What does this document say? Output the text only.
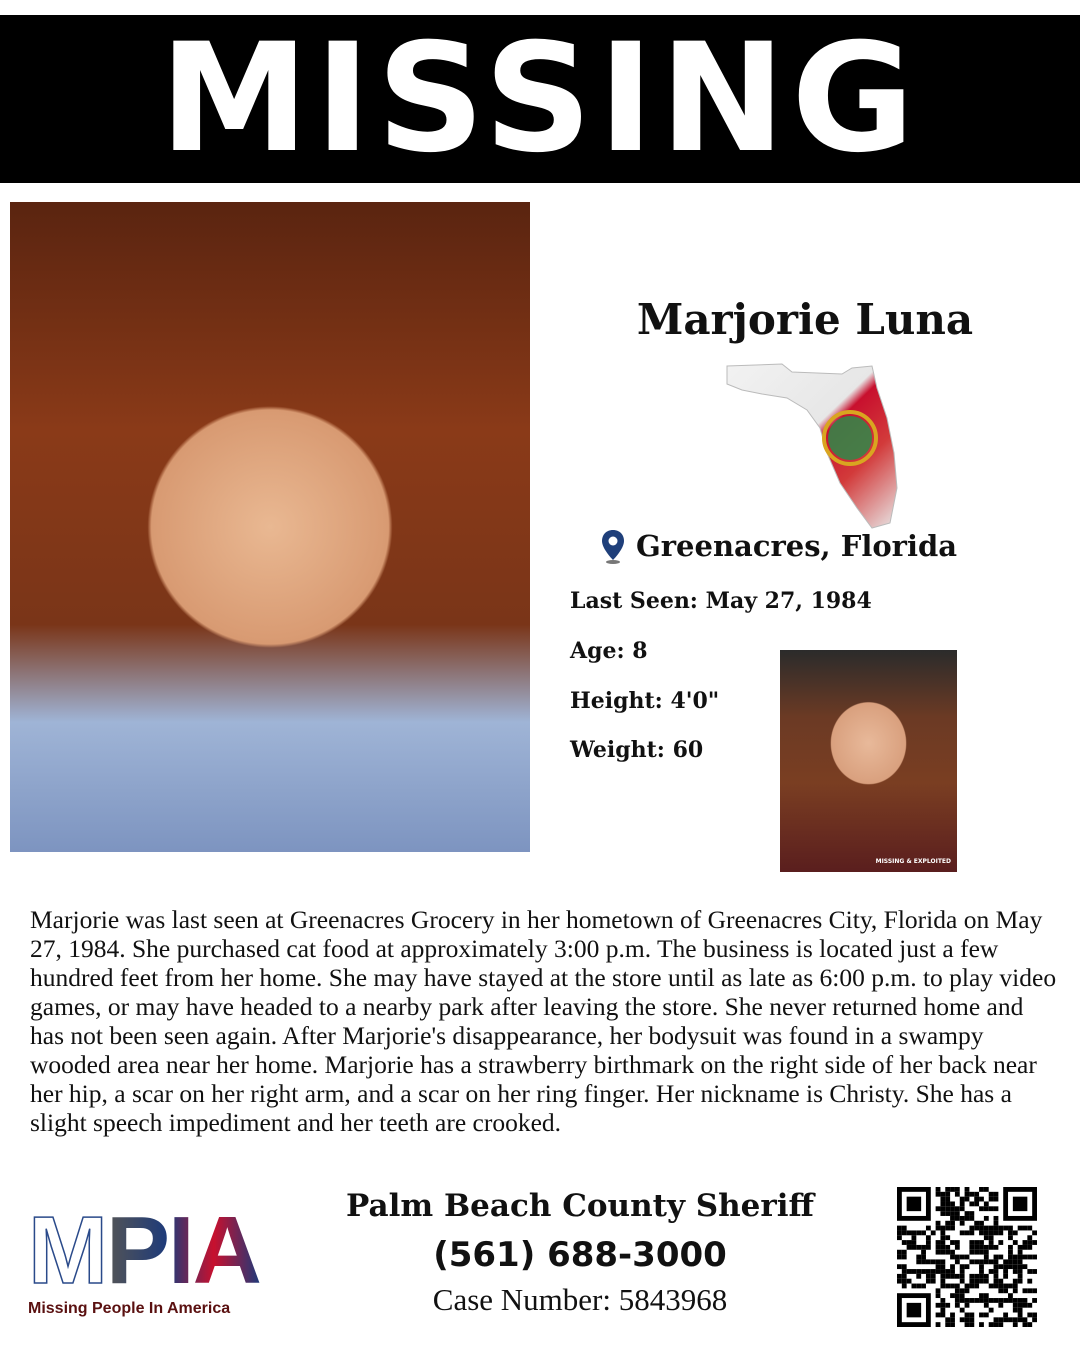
MISSING
Marjorie Luna
Greenacres, Florida
Last Seen: May 27, 1984
Age: 8
Height: 4'0"
Weight: 60
MISSING & EXPLOITED

Marjorie was last seen at Greenacres Grocery in her hometown of Greenacres City, Florida on May 27, 1984. She purchased cat food at approximately 3:00 p.m. The business is located just a few hundred feet from her home. She may have stayed at the store until as late as 6:00 p.m. to play video games, or may have headed to a nearby park after leaving the store. She never returned home and has not been seen again. After Marjorie's disappearance, her bodysuit was found in a swampy wooded area near her home. Marjorie has a strawberry birthmark on the right side of her back near her hip, a scar on her right arm, and a scar on her ring finger. Her nickname is Christy. She has a slight speech impediment and her teeth are crooked.

MPIA
Missing People In America
Palm Beach County Sheriff
(561) 688-3000
Case Number: 5843968
